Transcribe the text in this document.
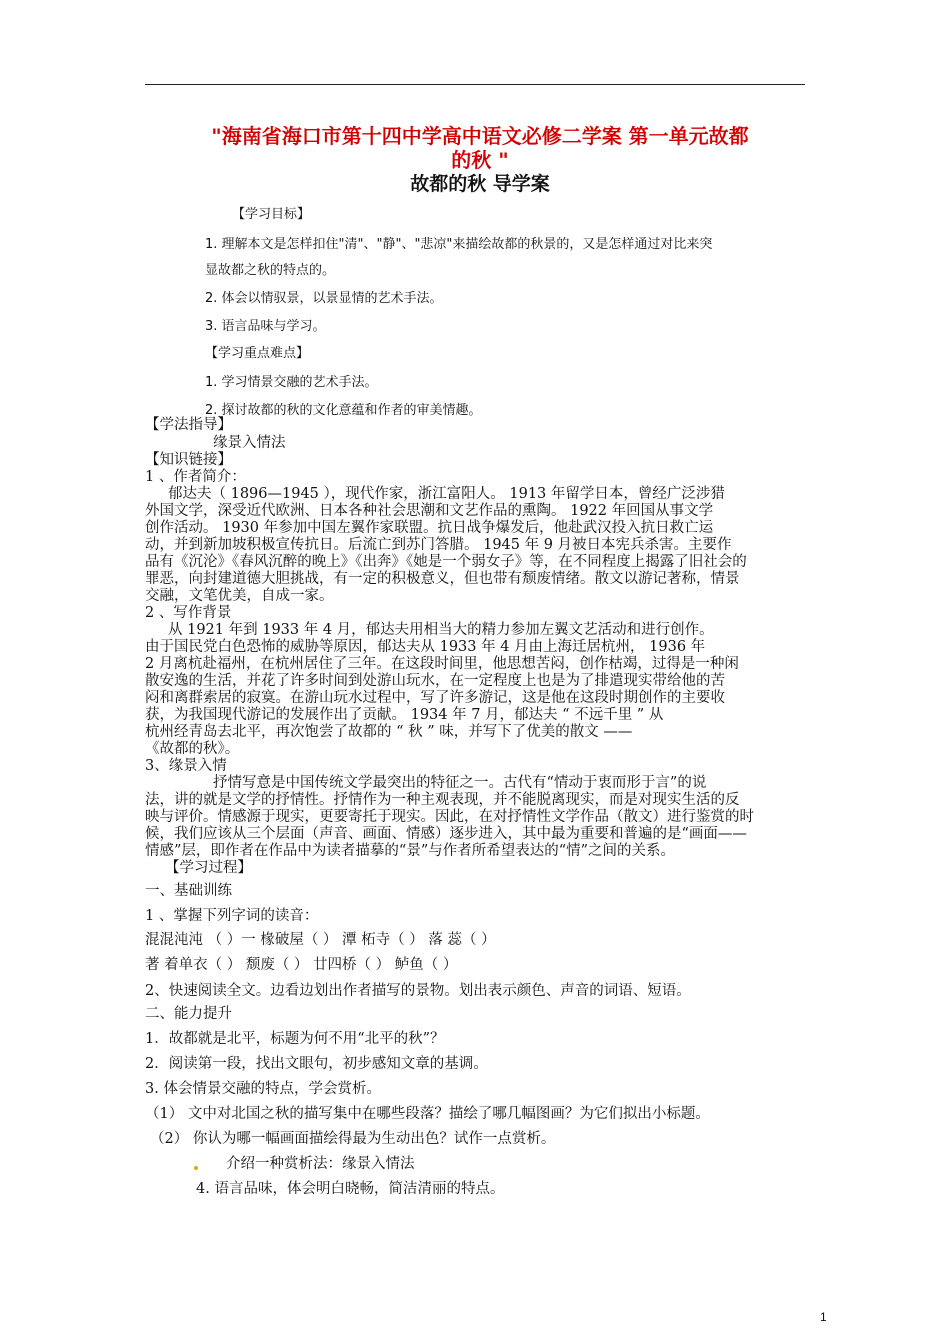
"海南省海口市第十四中学高中语文必修二学案 第一单元故都
的秋 "
故都的秋 导学案
【学习目标】
1. 理解本文是怎样扣住"清"、"静"、"悲凉"来描绘故都的秋景的，又是怎样通过对比来突
显故都之秋的特点的。
2. 体会以情驭景，以景显情的艺术手法。
3. 语言品味与学习。
【学习重点难点】
1. 学习情景交融的艺术手法。
2. 探讨故都的秋的文化意蕴和作者的审美情趣。
【学法指导】
缘景入情法
【知识链接】
1 、作者简介：
郁达夫（ 1896—1945 ），现代作家，浙江富阳人。 1913 年留学日本，曾经广泛涉猎
外国文学，深受近代欧洲、日本各种社会思潮和文艺作品的熏陶。 1922 年回国从事文学
创作活动。 1930 年参加中国左翼作家联盟。抗日战争爆发后，他赴武汉投入抗日救亡运
动，并到新加坡积极宣传抗日。后流亡到苏门答腊。 1945 年 9 月被日本宪兵杀害。主要作
品有《沉沦》《春风沉醉的晚上》《出奔》《她是一个弱女子》等，在不同程度上揭露了旧社会的
罪恶，向封建道德大胆挑战，有一定的积极意义，但也带有颓废情绪。散文以游记著称，情景
交融，文笔优美，自成一家。
2 、写作背景
从 1921 年到 1933 年 4 月，郁达夫用相当大的精力参加左翼文艺活动和进行创作。
由于国民党白色恐怖的威胁等原因，郁达夫从 1933 年 4 月由上海迁居杭州， 1936 年
2 月离杭赴福州，在杭州居住了三年。在这段时间里，他思想苦闷，创作枯竭，过得是一种闲
散安逸的生活，并花了许多时间到处游山玩水，在一定程度上也是为了排遣现实带给他的苦
闷和离群索居的寂寞。在游山玩水过程中，写了许多游记，这是他在这段时期创作的主要收
获，为我国现代游记的发展作出了贡献。 1934 年 7 月，郁达夫 “ 不远千里 ” 从
杭州经青岛去北平，再次饱尝了故都的 “ 秋 ” 味，并写下了优美的散文 ——
《故都的秋》。
3、缘景入情
抒情写意是中国传统文学最突出的特征之一。古代有“情动于衷而形于言”的说
法，讲的就是文学的抒情性。抒情作为一种主观表现，并不能脱离现实，而是对现实生活的反
映与评价。情感源于现实，更要寄托于现实。因此，在对抒情性文学作品（散文）进行鉴赏的时
候，我们应该从三个层面（声音、画面、情感）逐步进入，其中最为重要和普遍的是“画面——
情感”层，即作者在作品中为读者描摹的“景”与作者所希望表达的“情”之间的关系。
【学习过程】
一、基础训练
1 、掌握下列字词的读音：
混混沌沌 （ ）一 椽破屋（ ） 潭 柘寺（ ） 落 蕊（ ）
著 着单衣（ ） 颓废（ ） 廿四桥（ ） 鲈鱼（ ）
2、快速阅读全文。边看边划出作者描写的景物。划出表示颜色、声音的词语、短语。
二、能力提升
1．故都就是北平，标题为何不用“北平的秋”？
2．阅读第一段，找出文眼句，初步感知文章的基调。
3. 体会情景交融的特点，学会赏析。
（1） 文中对北国之秋的描写集中在哪些段落？描绘了哪几幅图画？为它们拟出小标题。
（2） 你认为哪一幅画面描绘得最为生动出色？试作一点赏析。
介绍一种赏析法：缘景入情法
4. 语言品味，体会明白晓畅，简洁清丽的特点。
1
